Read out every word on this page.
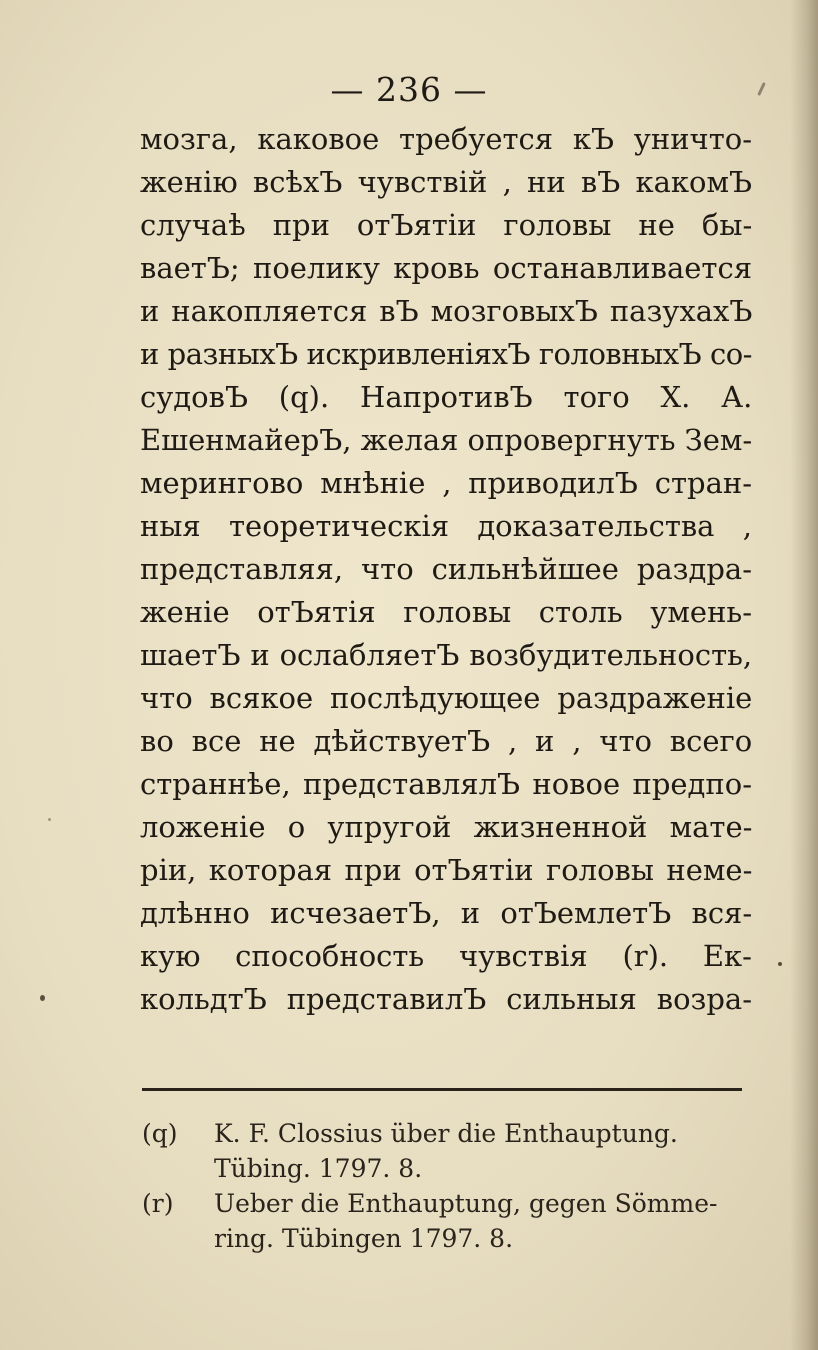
— 236 —
мозга, каковое требуется кЪ уничто-
женію всѣхЪ чувствій , ни вЪ какомЪ
случаѣ при отЪятіи головы не бы-
ваетЪ; поелику кровь останавливается
и накопляется вЪ мозговыхЪ пазухахЪ
и разныхЪ искривленіяхЪ головныхЪ со-
судовЪ (q). НапротивЪ того Х. А.
ЕшенмайерЪ, желая опровергнуть Зем-
мерингово мнѣніе , приводилЪ стран-
ныя теоретическія доказательства ,
представляя, что сильнѣйшее раздра-
женіе отЪятія головы столь умень-
шаетЪ и ослабляетЪ возбудительность,
что всякое послѣдующее раздраженіе
во все не дѣйствуетЪ , и , что всего
страннѣе, представлялЪ новое предпо-
ложеніе о упругой жизненной мате-
ріи, которая при отЪятіи головы неме-
длѣнно исчезаетЪ, и отЪемлетЪ вся-
кую способность чувствія (r). Ек-
кольдтЪ представилЪ сильныя возра-
(q) K. F. Clossius über die Enthauptung.
Tübing. 1797. 8.
(r) Ueber die Enthauptung, gegen Sömme-
ring. Tübingen 1797. 8.
